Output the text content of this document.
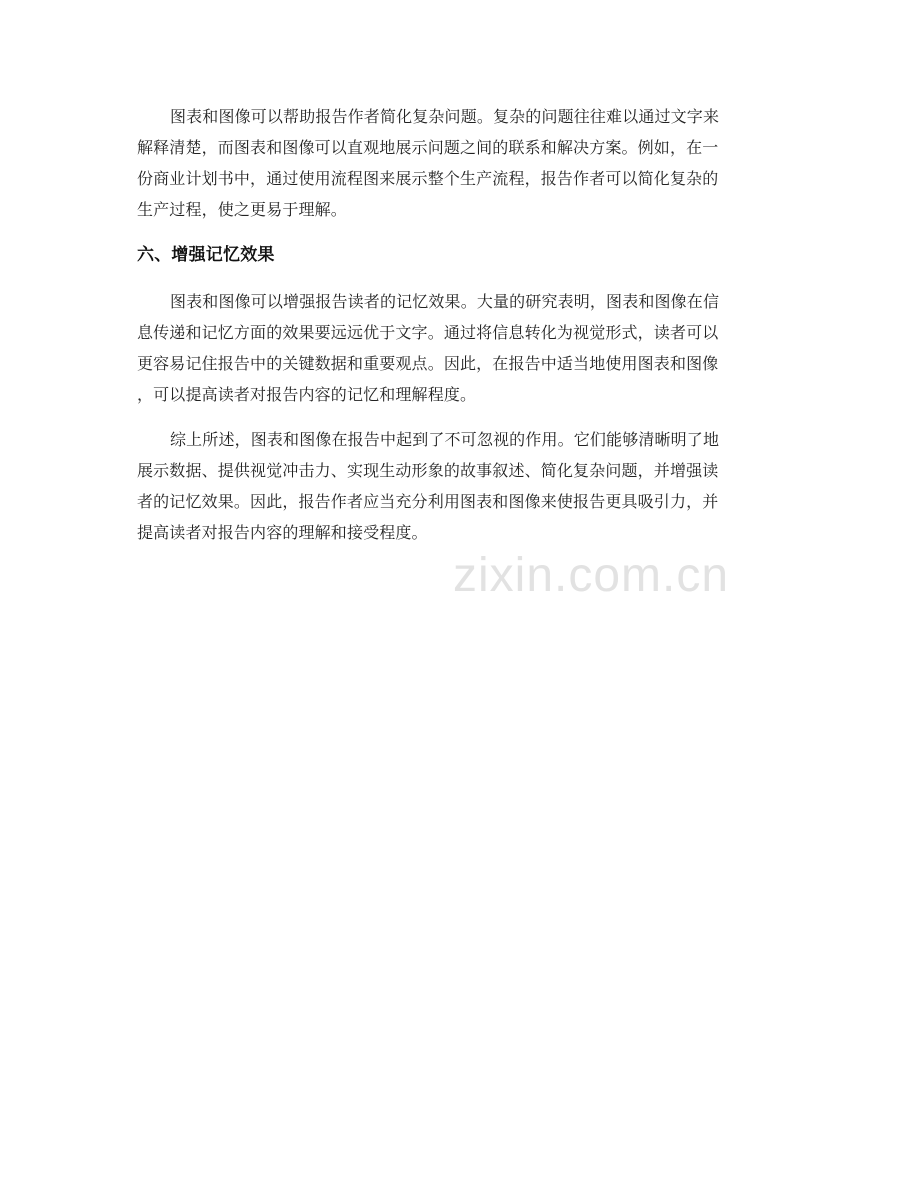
图表和图像可以帮助报告作者简化复杂问题。复杂的问题往往难以通过文字来
解释清楚，而图表和图像可以直观地展示问题之间的联系和解决方案。例如，在一
份商业计划书中，通过使用流程图来展示整个生产流程，报告作者可以简化复杂的
生产过程，使之更易于理解。
六、增强记忆效果
图表和图像可以增强报告读者的记忆效果。大量的研究表明，图表和图像在信
息传递和记忆方面的效果要远远优于文字。通过将信息转化为视觉形式，读者可以
更容易记住报告中的关键数据和重要观点。因此，在报告中适当地使用图表和图像
，可以提高读者对报告内容的记忆和理解程度。
综上所述，图表和图像在报告中起到了不可忽视的作用。它们能够清晰明了地
展示数据、提供视觉冲击力、实现生动形象的故事叙述、简化复杂问题，并增强读
者的记忆效果。因此，报告作者应当充分利用图表和图像来使报告更具吸引力，并
提高读者对报告内容的理解和接受程度。
zixin.com.cn
